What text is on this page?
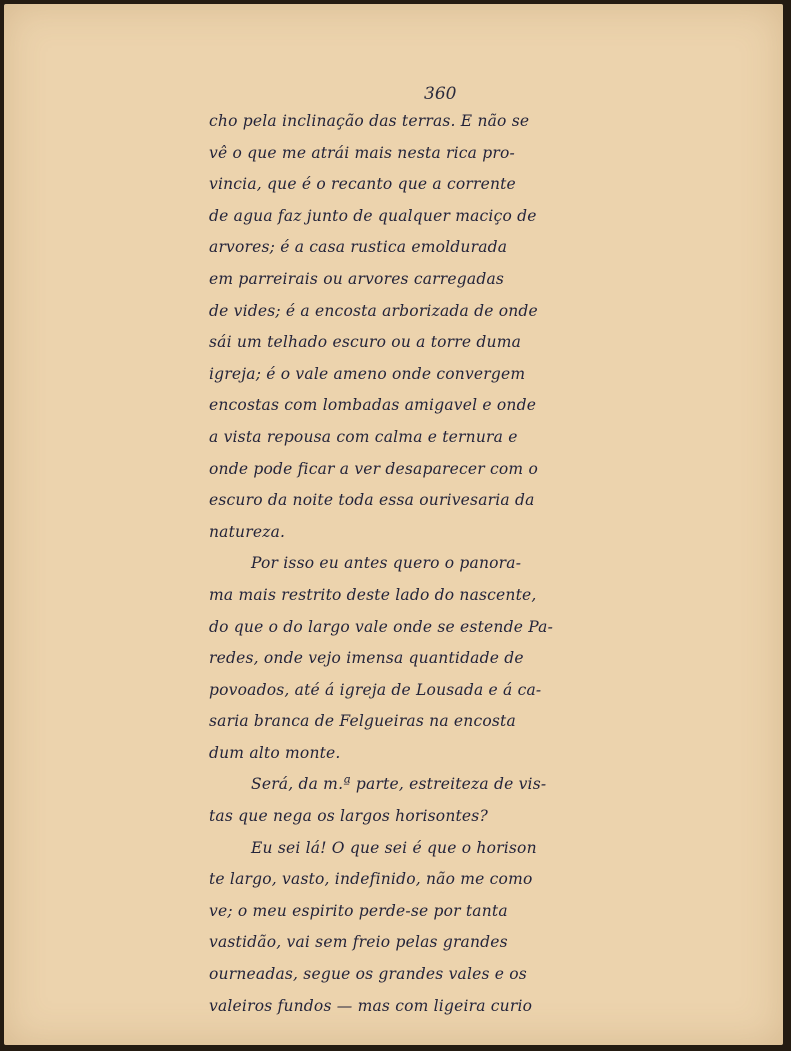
360
cho pela inclinação das terras. E não se
vê o que me atrái mais nesta rica pro-
vincia, que é o recanto que a corrente
de agua faz junto de qualquer maciço de
arvores; é a casa rustica emoldurada
em parreirais ou arvores carregadas
de vides; é a encosta arborizada de onde
sái um telhado escuro ou a torre duma
igreja; é o vale ameno onde convergem
encostas com lombadas amigavel e onde
a vista repousa com calma e ternura e
onde pode ficar a ver desaparecer com o
escuro da noite toda essa ourivesaria da
natureza.
Por isso eu antes quero o panora-
ma mais restrito deste lado do nascente,
do que o do largo vale onde se estende Pa-
redes, onde vejo imensa quantidade de
povoados, até á igreja de Lousada e á ca-
saria branca de Felgueiras na encosta
dum alto monte.
Será, da m.ª parte, estreiteza de vis-
tas que nega os largos horisontes?
Eu sei lá! O que sei é que o horison
te largo, vasto, indefinido, não me como
ve; o meu espirito perde-se por tanta
vastidão, vai sem freio pelas grandes
ourneadas, segue os grandes vales e os
valeiros fundos — mas com ligeira curio
